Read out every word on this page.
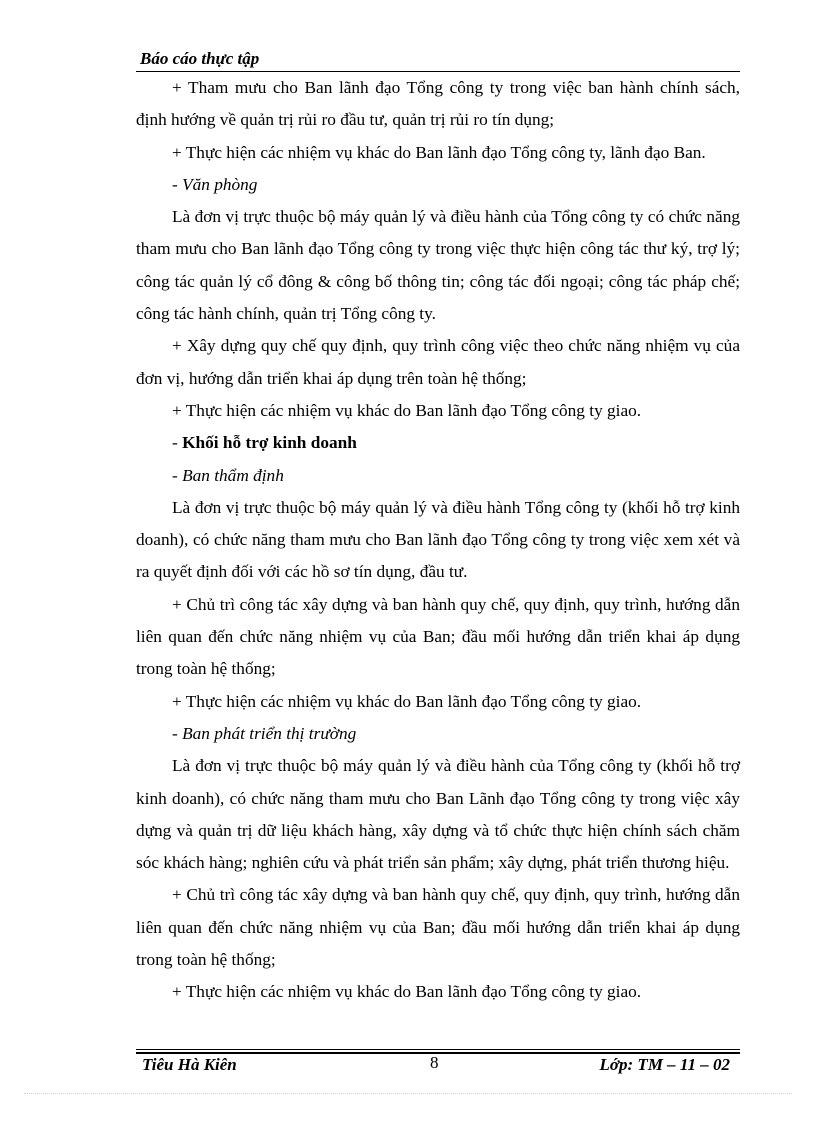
Báo cáo thực tập

+ Tham mưu cho Ban lãnh đạo Tổng công ty trong việc ban hành chính sách, định hướng về quản trị rủi ro đầu tư, quản trị rủi ro tín dụng;

+ Thực hiện các nhiệm vụ khác do Ban lãnh đạo Tổng công ty, lãnh đạo Ban.

- Văn phòng

Là đơn vị trực thuộc bộ máy quản lý và điều hành của Tổng công ty có chức năng tham mưu cho Ban lãnh đạo Tổng công ty trong việc thực hiện công tác thư ký, trợ lý; công tác quản lý cổ đông & công bố thông tin; công tác đối ngoại; công tác pháp chế; công tác hành chính, quản trị Tổng công ty.

+ Xây dựng quy chế quy định, quy trình công việc theo chức năng nhiệm vụ của đơn vị, hướng dẫn triển khai áp dụng trên toàn hệ thống;

+ Thực hiện các nhiệm vụ khác do Ban lãnh đạo Tổng công ty giao.

- Khối hỗ trợ kinh doanh

- Ban thẩm định

Là đơn vị trực thuộc bộ máy quản lý và điều hành Tổng công ty (khối hỗ trợ kinh doanh), có chức năng tham mưu cho Ban lãnh đạo Tổng công ty trong việc xem xét và ra quyết định đối với các hồ sơ tín dụng, đầu tư.

+ Chủ trì công tác xây dựng và ban hành quy chế, quy định, quy trình, hướng dẫn liên quan đến chức năng nhiệm vụ của Ban; đầu mối hướng dẫn triển khai áp dụng trong toàn hệ thống;

+ Thực hiện các nhiệm vụ khác do Ban lãnh đạo Tổng công ty giao.

- Ban phát triển thị trường

Là đơn vị trực thuộc bộ máy quản lý và điều hành của Tổng công ty (khối hỗ trợ kinh doanh), có chức năng tham mưu cho Ban Lãnh đạo Tổng công ty trong việc xây dựng và quản trị dữ liệu khách hàng, xây dựng và tổ chức thực hiện chính sách chăm sóc khách hàng; nghiên cứu và phát triển sản phẩm; xây dựng, phát triển thương hiệu.

+ Chủ trì công tác xây dựng và ban hành quy chế, quy định, quy trình, hướng dẫn liên quan đến chức năng nhiệm vụ của Ban; đầu mối hướng dẫn triển khai áp dụng trong toàn hệ thống;

+ Thực hiện các nhiệm vụ khác do Ban lãnh đạo Tổng công ty giao.

Tiêu Hà Kiên	8	Lớp: TM – 11 – 02
